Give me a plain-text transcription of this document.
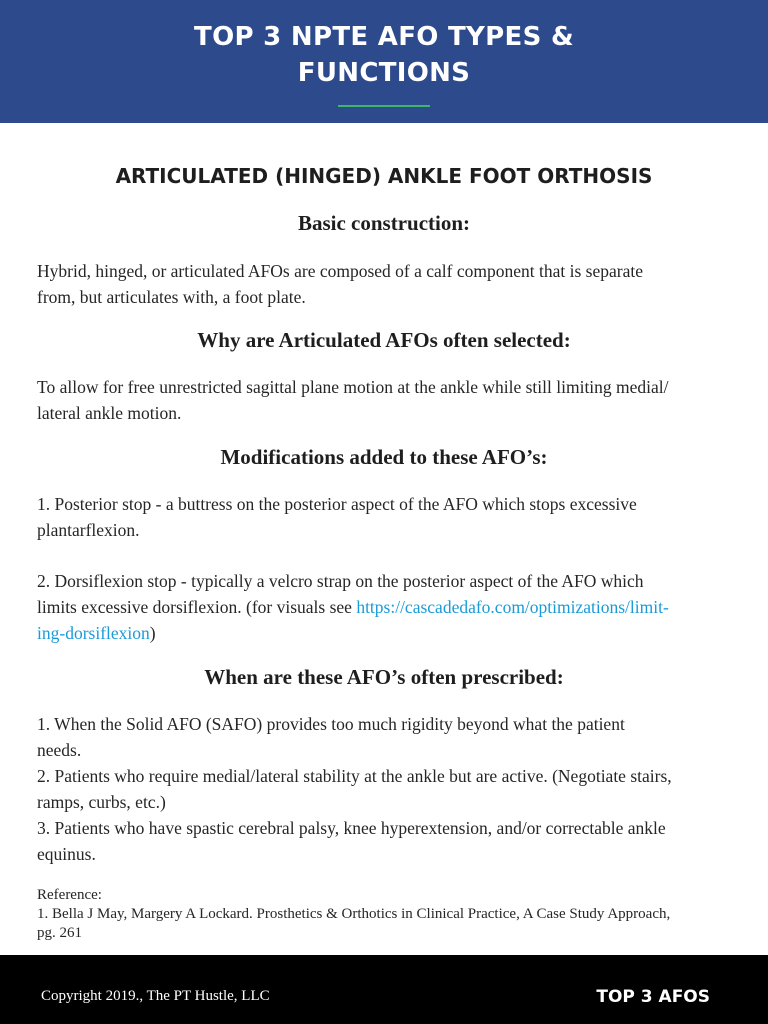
TOP 3 NPTE AFO TYPES &
FUNCTIONS
ARTICULATED (HINGED) ANKLE FOOT ORTHOSIS
Basic construction:

Hybrid, hinged, or articulated AFOs are composed of a calf component that is separate
from, but articulates with, a foot plate.

Why are Articulated AFOs often selected:

To allow for free unrestricted sagittal plane motion at the ankle while still limiting medial/
lateral ankle motion.

Modifications added to these AFO’s:

1. Posterior stop - a buttress on the posterior aspect of the AFO which stops excessive
plantarflexion.

2. Dorsiflexion stop - typically a velcro strap on the posterior aspect of the AFO which
limits excessive dorsiflexion. (for visuals see https://cascadedafo.com/optimizations/limit-
ing-dorsiflexion)

When are these AFO’s often prescribed:

1. When the Solid AFO (SAFO) provides too much rigidity beyond what the patient
needs.
2. Patients who require medial/lateral stability at the ankle but are active. (Negotiate stairs,
ramps, curbs, etc.)
3. Patients who have spastic cerebral palsy, knee hyperextension, and/or correctable ankle
equinus.

Reference:
1. Bella J May, Margery A Lockard. Prosthetics & Orthotics in Clinical Practice, A Case Study Approach,
pg. 261
Copyright 2019., The PT Hustle, LLC	TOP 3 AFOS
